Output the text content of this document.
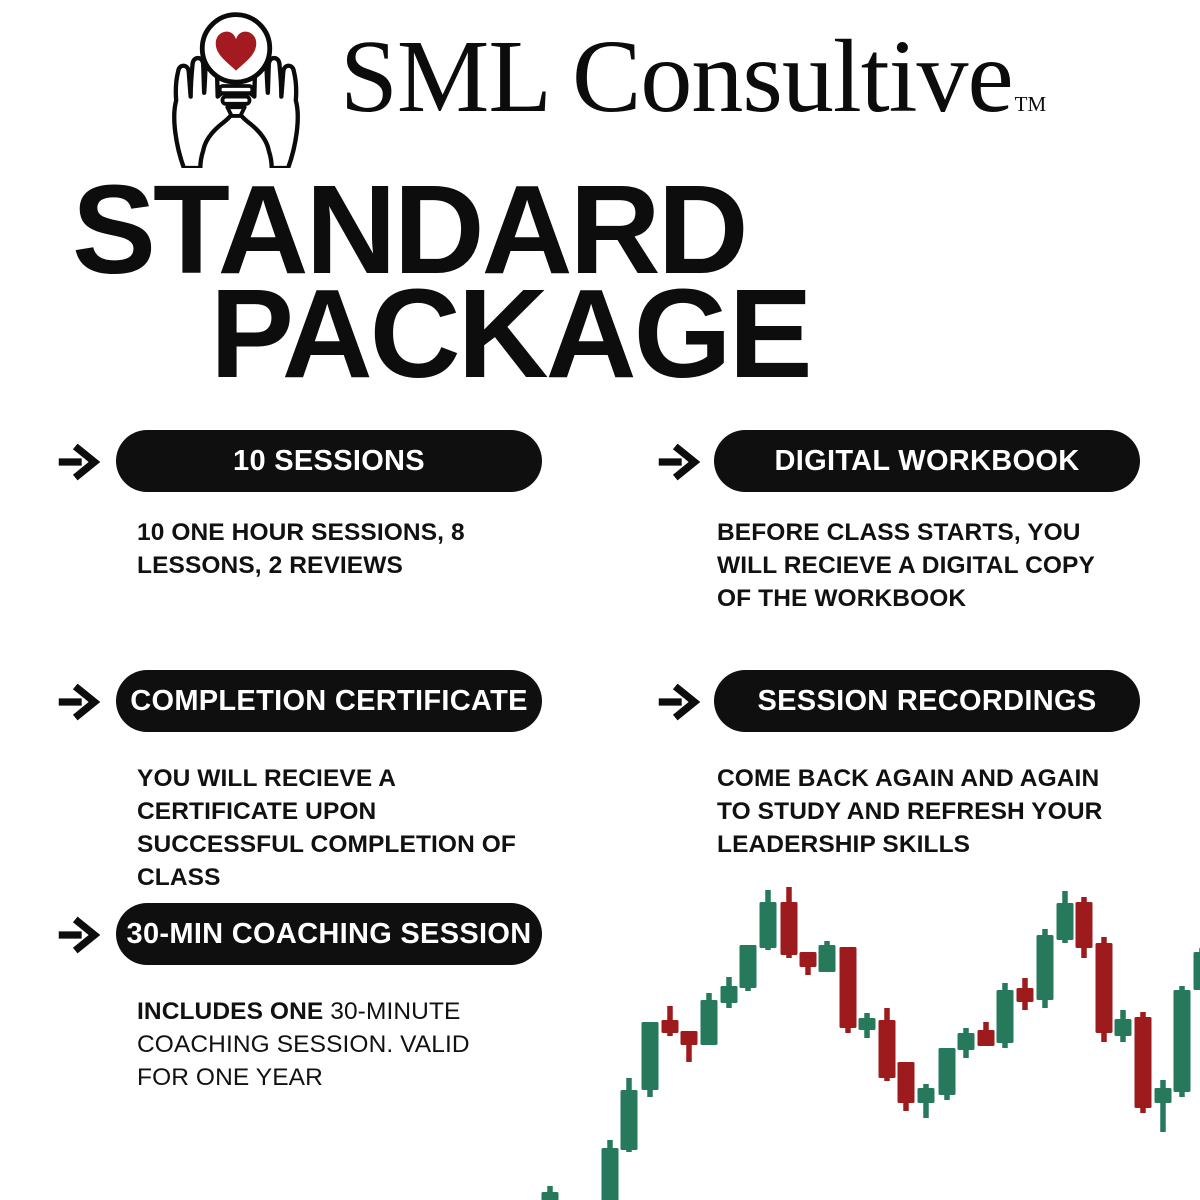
SML Consultive TM
STANDARD
PACKAGE
10 SESSIONS

10 ONE HOUR SESSIONS, 8 LESSONS, 2 REVIEWS

DIGITAL WORKBOOK

BEFORE CLASS STARTS, YOU WILL RECIEVE A DIGITAL COPY OF THE WORKBOOK

COMPLETION CERTIFICATE

YOU WILL RECIEVE A CERTIFICATE UPON SUCCESSFUL COMPLETION OF CLASS

SESSION RECORDINGS

COME BACK AGAIN AND AGAIN TO STUDY AND REFRESH YOUR LEADERSHIP SKILLS

30-MIN COACHING SESSION

INCLUDES ONE 30-MINUTE COACHING SESSION. VALID FOR ONE YEAR
